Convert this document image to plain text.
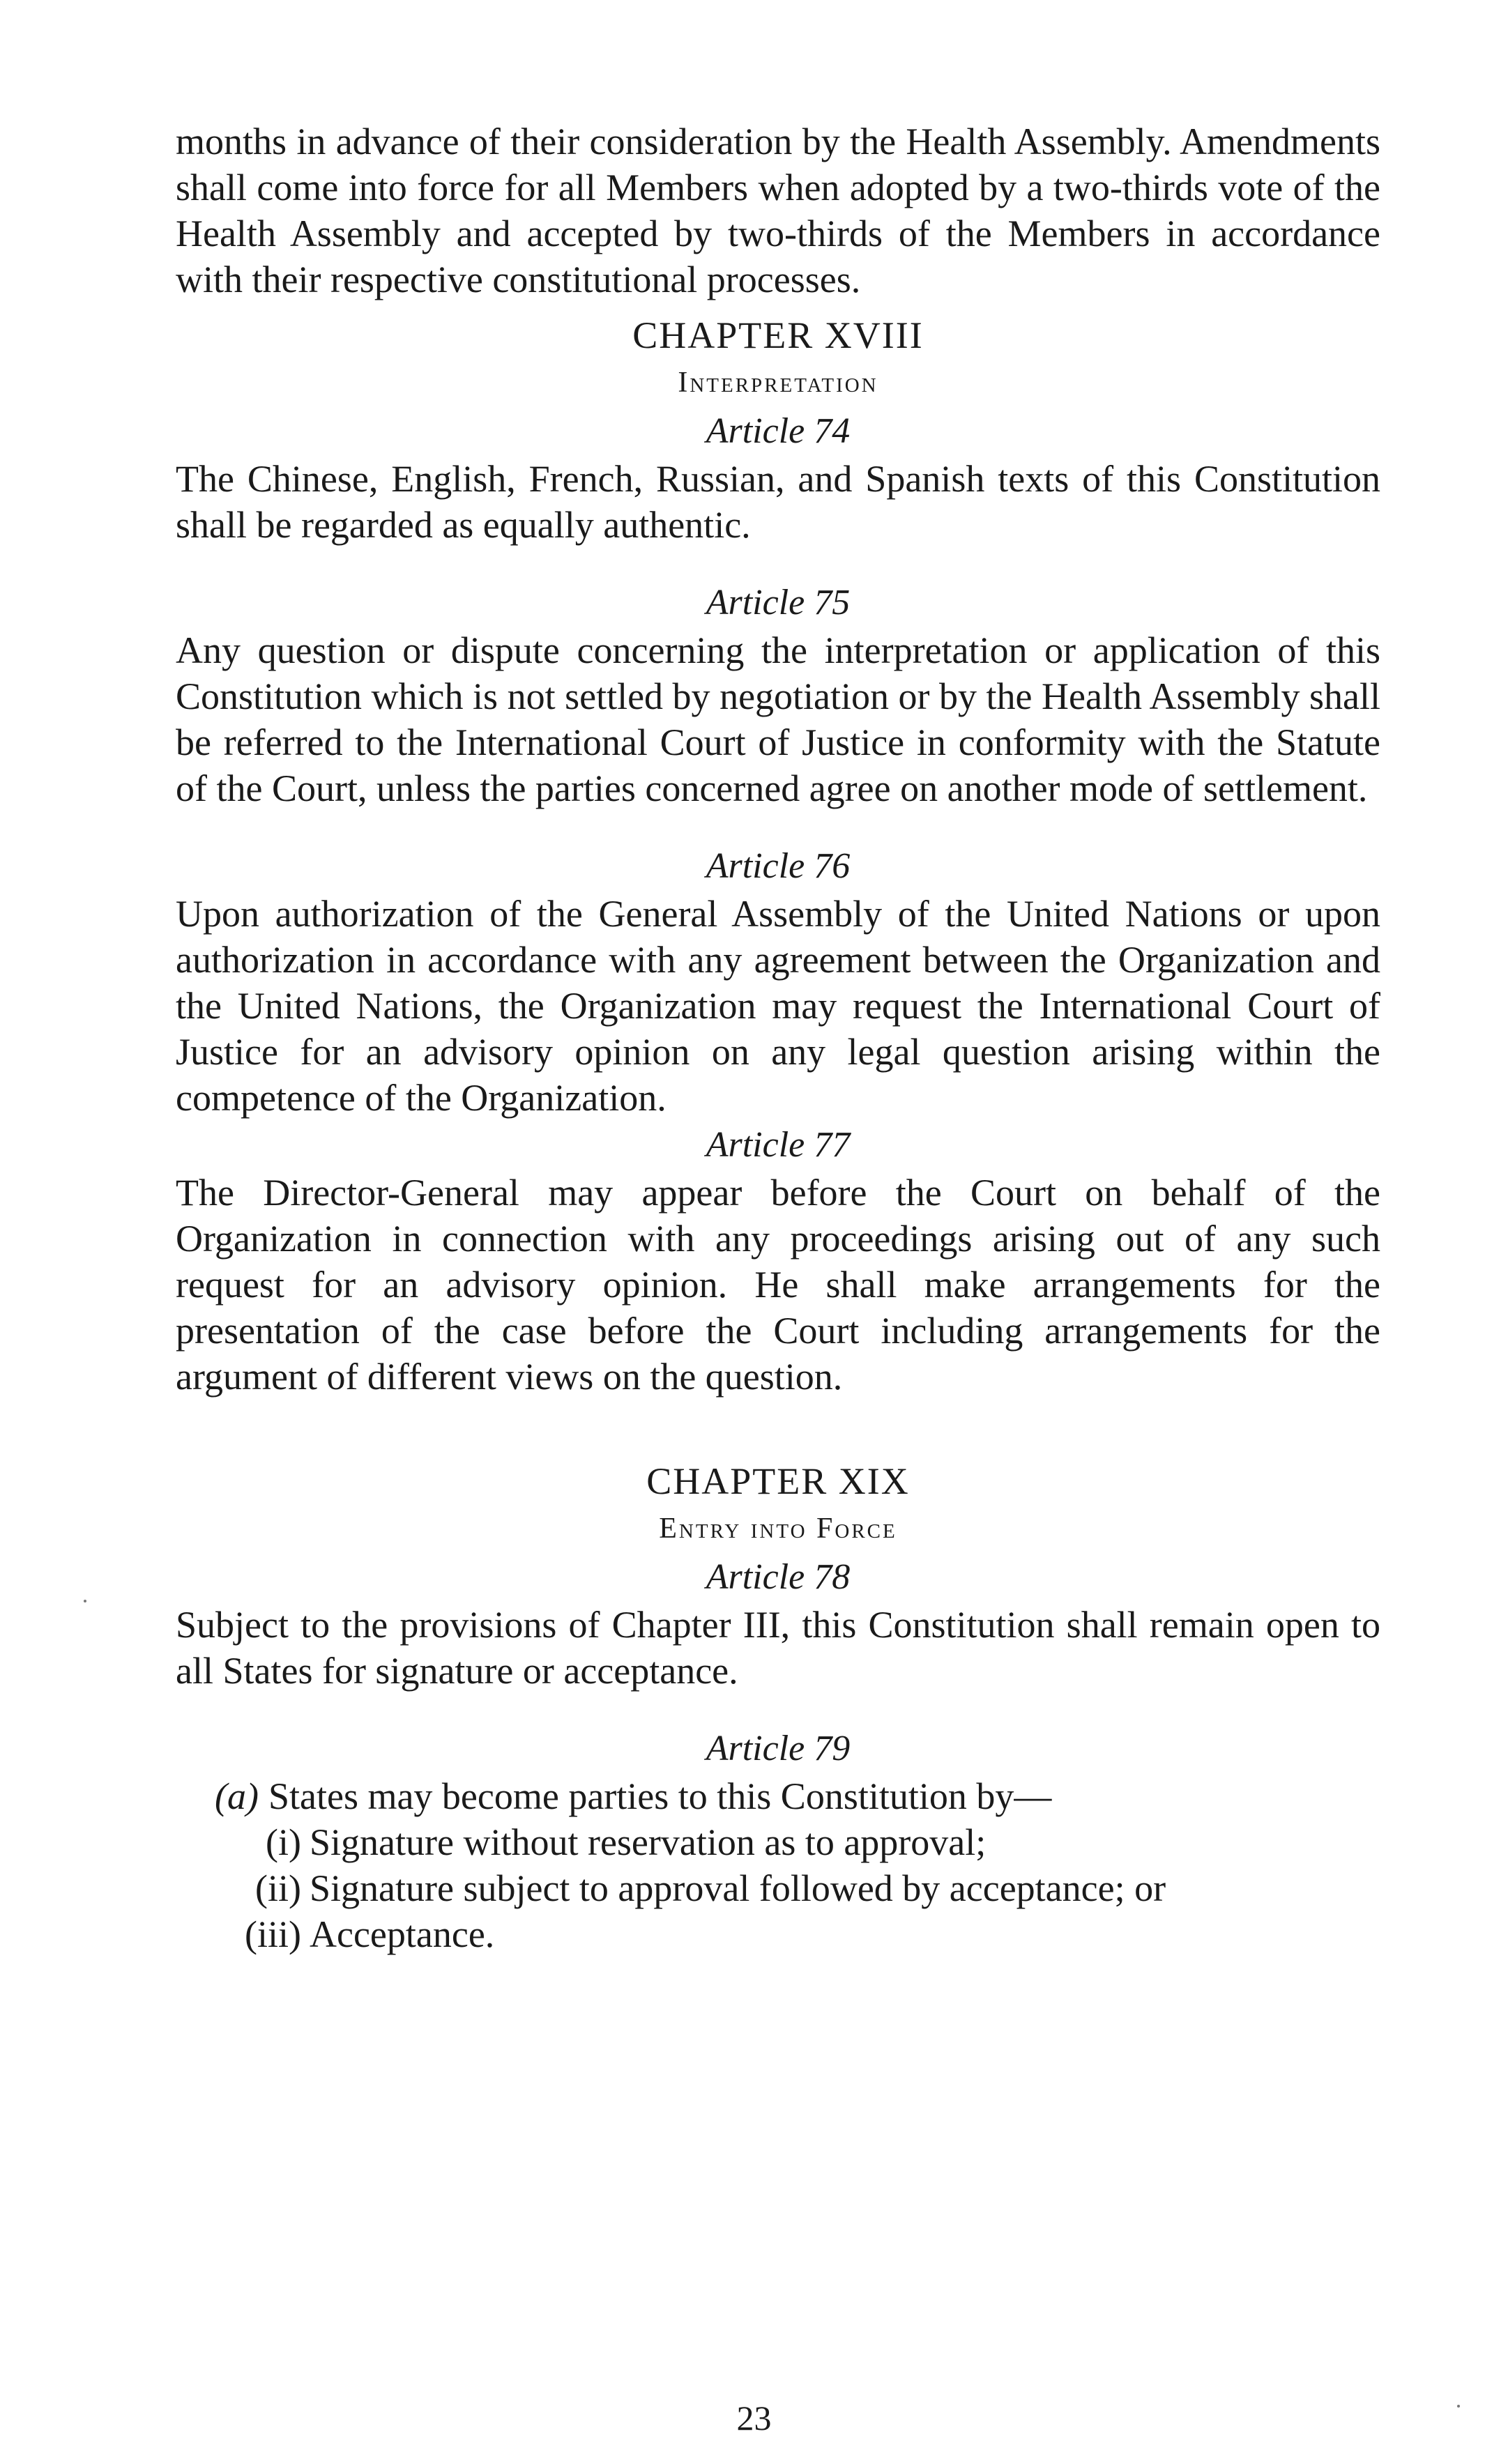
months in advance of their consideration by the Health Assembly. Amendments shall come into force for all Members when adopted by a two-thirds vote of the Health Assembly and accepted by two-thirds of the Members in accordance with their respective constitutional processes.

CHAPTER XVIII

Interpretation

Article 74

The Chinese, English, French, Russian, and Spanish texts of this Constitution shall be regarded as equally authentic.

Article 75

Any question or dispute concerning the interpretation or application of this Constitution which is not settled by negotiation or by the Health Assembly shall be referred to the International Court of Justice in conformity with the Statute of the Court, unless the parties concerned agree on another mode of settlement.

Article 76

Upon authorization of the General Assembly of the United Nations or upon authorization in accordance with any agreement between the Organization and the United Nations, the Organization may request the International Court of Justice for an advisory opinion on any legal question arising within the competence of the Organization.

Article 77

The Director-General may appear before the Court on behalf of the Organization in connection with any proceedings arising out of any such request for an advisory opinion. He shall make arrangements for the presentation of the case before the Court including arrangements for the argument of different views on the question.

CHAPTER XIX

Entry into Force

Article 78

Subject to the provisions of Chapter III, this Constitution shall remain open to all States for signature or acceptance.

Article 79

(a) States may become parties to this Constitution by—
(i) Signature without reservation as to approval;
(ii) Signature subject to approval followed by acceptance; or
(iii) Acceptance.
23
